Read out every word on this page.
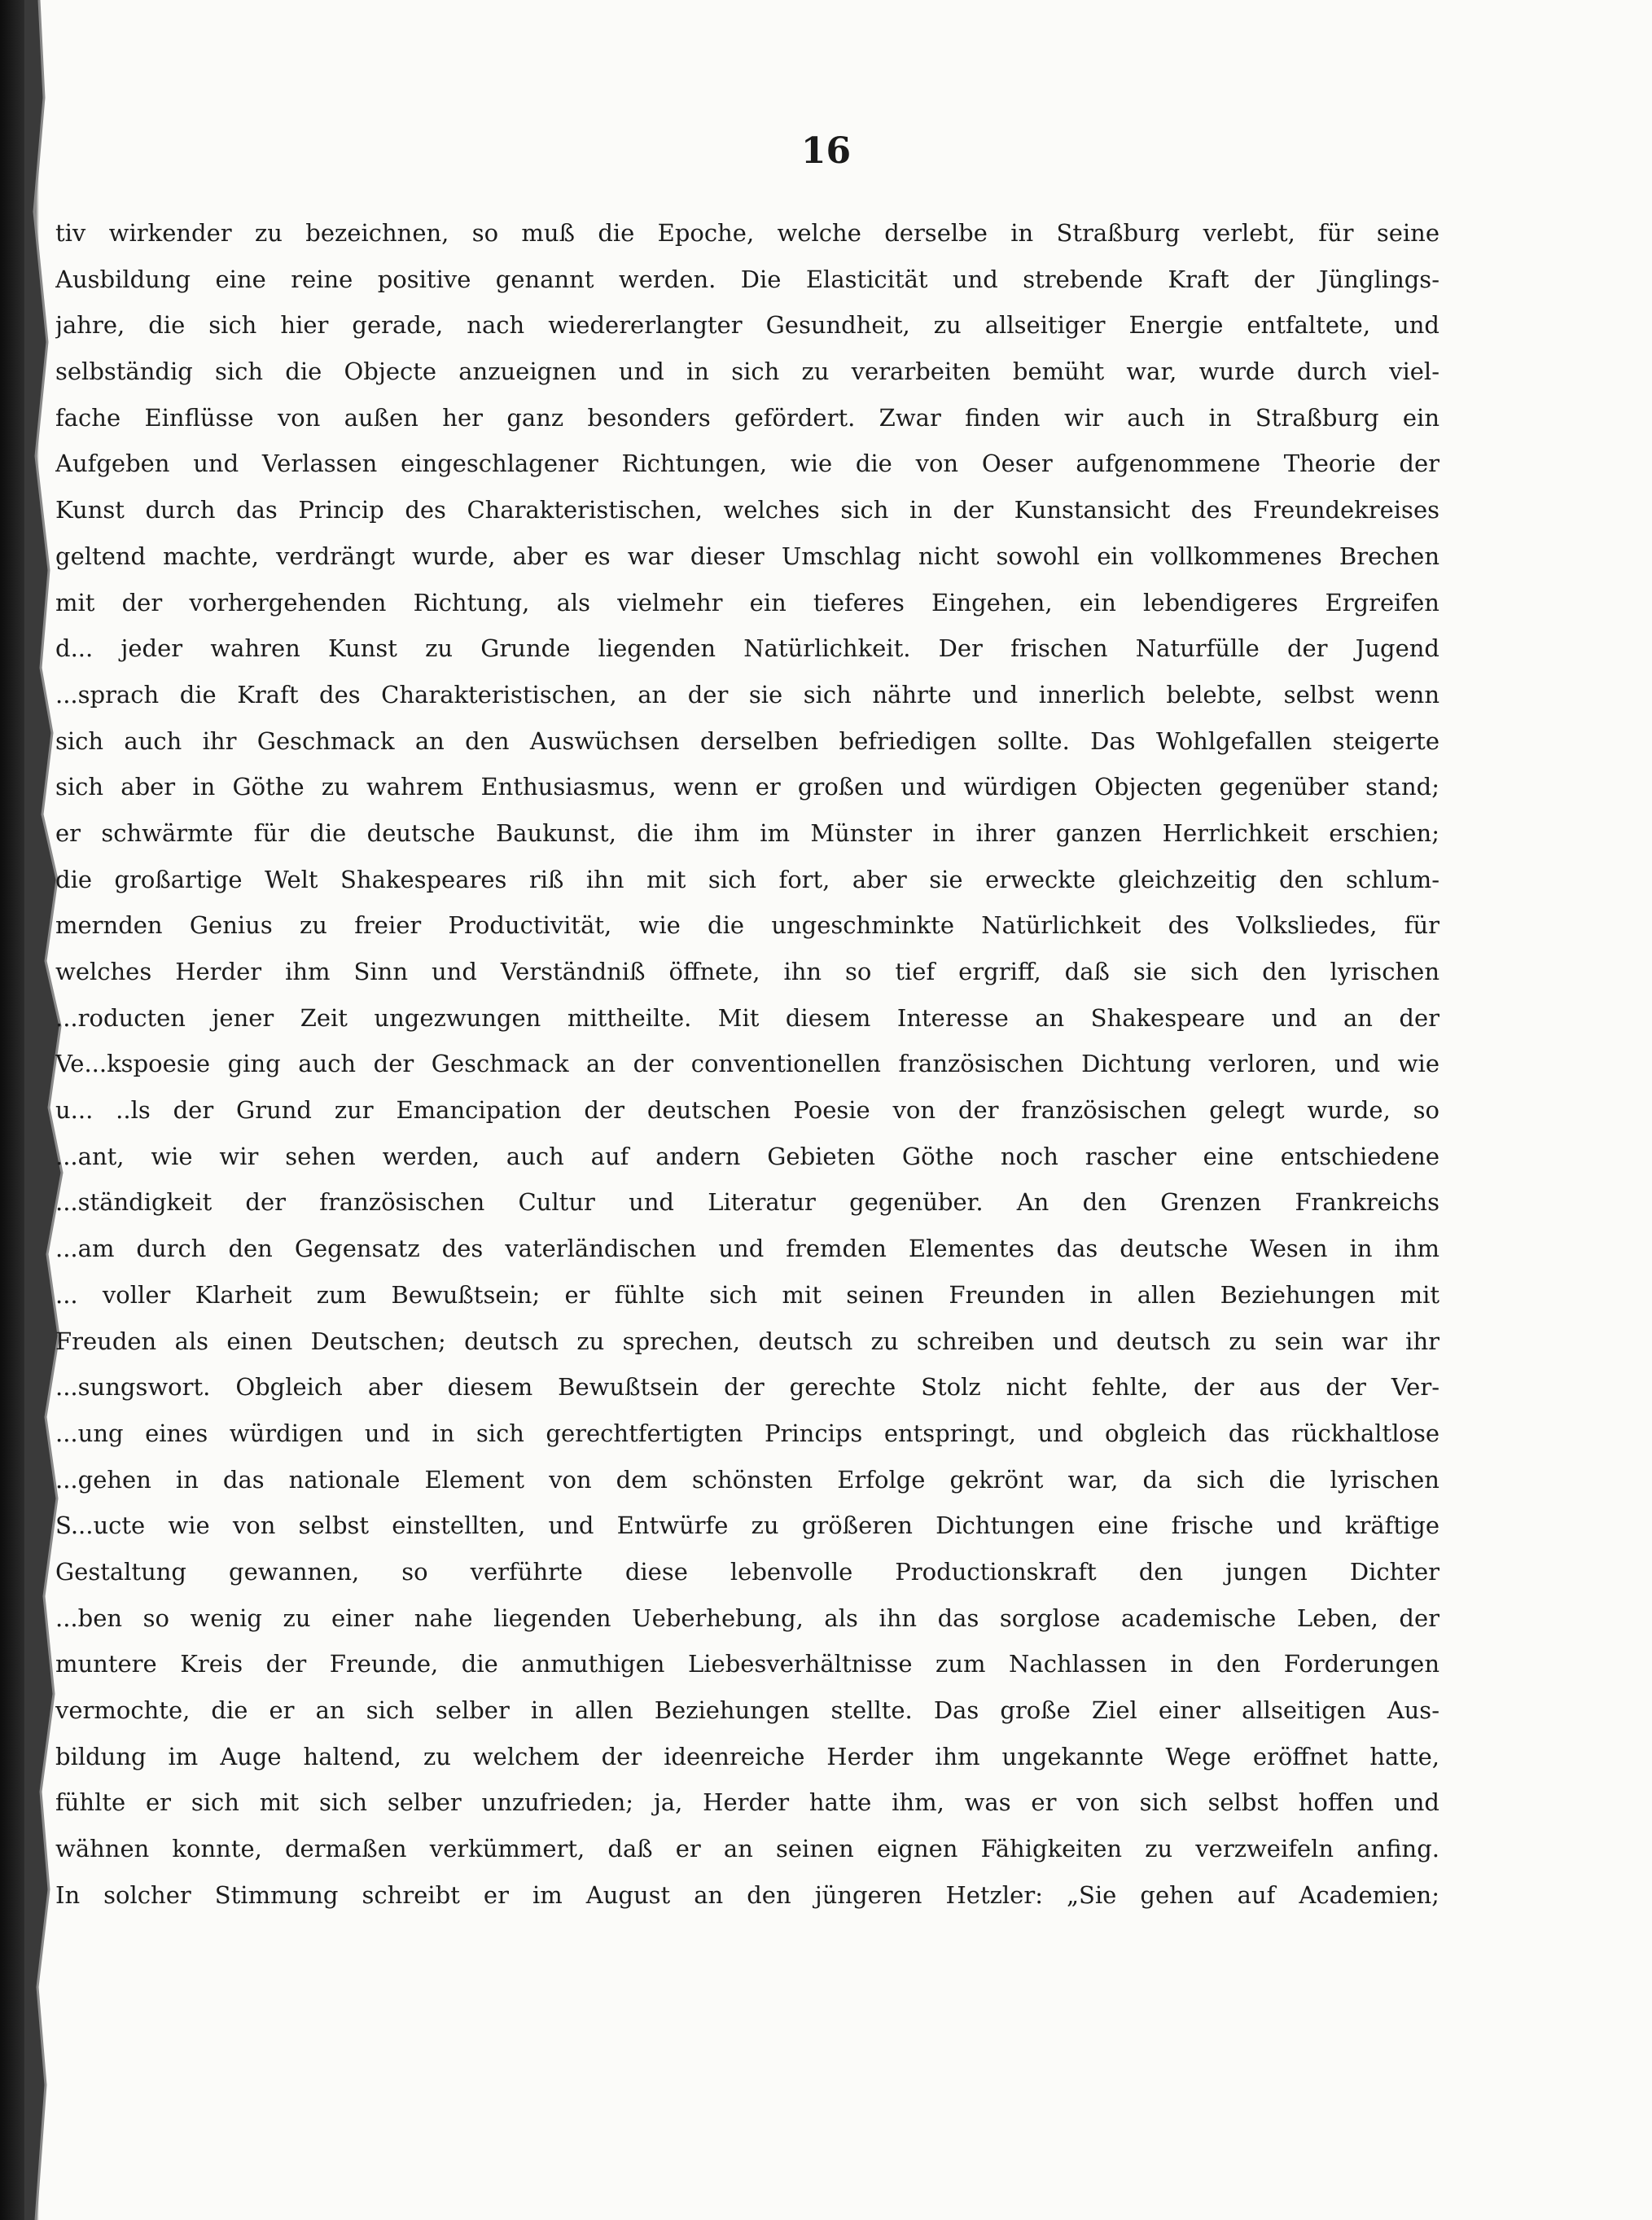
16
tiv wirkender zu bezeichnen, so muß die Epoche, welche derselbe in Straßburg verlebt, für seine
Ausbildung eine reine positive genannt werden. Die Elasticität und strebende Kraft der Jünglings-
jahre, die sich hier gerade, nach wiedererlangter Gesundheit, zu allseitiger Energie entfaltete, und
selbständig sich die Objecte anzueignen und in sich zu verarbeiten bemüht war, wurde durch viel-
fache Einflüsse von außen her ganz besonders gefördert. Zwar finden wir auch in Straßburg ein
Aufgeben und Verlassen eingeschlagener Richtungen, wie die von Oeser aufgenommene Theorie der
Kunst durch das Princip des Charakteristischen, welches sich in der Kunstansicht des Freundekreises
geltend machte, verdrängt wurde, aber es war dieser Umschlag nicht sowohl ein vollkommenes Brechen
mit der vorhergehenden Richtung, als vielmehr ein tieferes Eingehen, ein lebendigeres Ergreifen
d... jeder wahren Kunst zu Grunde liegenden Natürlichkeit. Der frischen Naturfülle der Jugend
...sprach die Kraft des Charakteristischen, an der sie sich nährte und innerlich belebte, selbst wenn
sich auch ihr Geschmack an den Auswüchsen derselben befriedigen sollte. Das Wohlgefallen steigerte
sich aber in Göthe zu wahrem Enthusiasmus, wenn er großen und würdigen Objecten gegenüber stand;
er schwärmte für die deutsche Baukunst, die ihm im Münster in ihrer ganzen Herrlichkeit erschien;
die großartige Welt Shakespeares riß ihn mit sich fort, aber sie erweckte gleichzeitig den schlum-
mernden Genius zu freier Productivität, wie die ungeschminkte Natürlichkeit des Volksliedes, für
welches Herder ihm Sinn und Verständniß öffnete, ihn so tief ergriff, daß sie sich den lyrischen
...roducten jener Zeit ungezwungen mittheilte. Mit diesem Interesse an Shakespeare und an der
Ve...kspoesie ging auch der Geschmack an der conventionellen französischen Dichtung verloren, und wie
u... ..ls der Grund zur Emancipation der deutschen Poesie von der französischen gelegt wurde, so
...ant, wie wir sehen werden, auch auf andern Gebieten Göthe noch rascher eine entschiedene
...ständigkeit der französischen Cultur und Literatur gegenüber. An den Grenzen Frankreichs
...am durch den Gegensatz des vaterländischen und fremden Elementes das deutsche Wesen in ihm
... voller Klarheit zum Bewußtsein; er fühlte sich mit seinen Freunden in allen Beziehungen mit
Freuden als einen Deutschen; deutsch zu sprechen, deutsch zu schreiben und deutsch zu sein war ihr
...sungswort. Obgleich aber diesem Bewußtsein der gerechte Stolz nicht fehlte, der aus der Ver-
...ung eines würdigen und in sich gerechtfertigten Princips entspringt, und obgleich das rückhaltlose
...gehen in das nationale Element von dem schönsten Erfolge gekrönt war, da sich die lyrischen
S...ucte wie von selbst einstellten, und Entwürfe zu größeren Dichtungen eine frische und kräftige
Gestaltung gewannen, so verführte diese lebenvolle Productionskraft den jungen Dichter
...ben so wenig zu einer nahe liegenden Ueberhebung, als ihn das sorglose academische Leben, der
muntere Kreis der Freunde, die anmuthigen Liebesverhältnisse zum Nachlassen in den Forderungen
vermochte, die er an sich selber in allen Beziehungen stellte. Das große Ziel einer allseitigen Aus-
bildung im Auge haltend, zu welchem der ideenreiche Herder ihm ungekannte Wege eröffnet hatte,
fühlte er sich mit sich selber unzufrieden; ja, Herder hatte ihm, was er von sich selbst hoffen und
wähnen konnte, dermaßen verkümmert, daß er an seinen eignen Fähigkeiten zu verzweifeln anfing.
In solcher Stimmung schreibt er im August an den jüngeren Hetzler: „Sie gehen auf Academien;
